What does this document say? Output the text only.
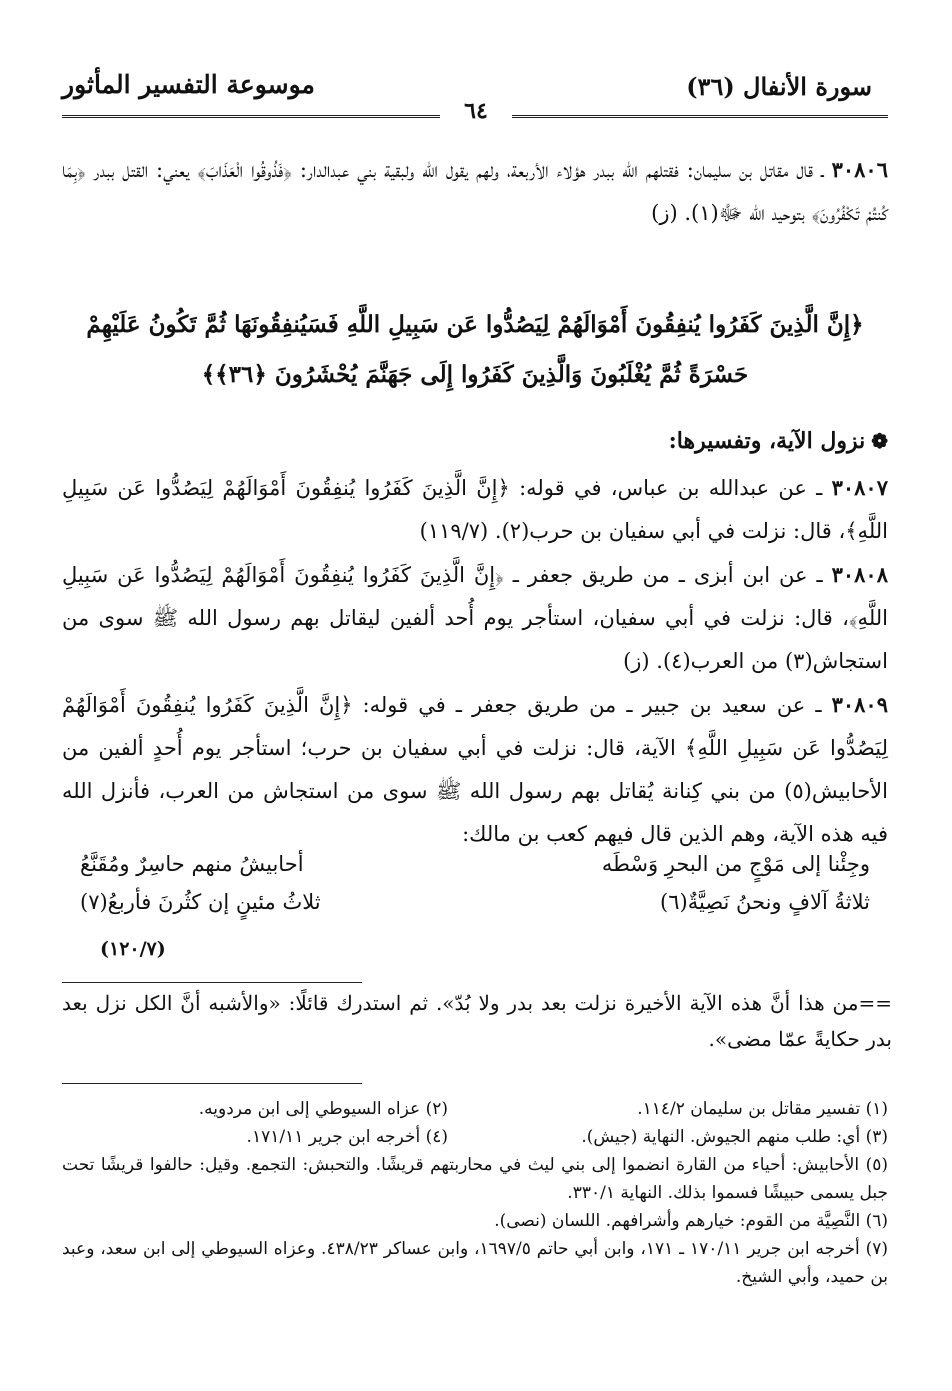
موسوعة التفسير المأثور	سورة الأنفال (٣٦)
٦٤

٣٠٨٠٦ ـ قال مقاتل بن سليمان: فقتلهم الله ببدر هؤلاء الأربعة، ولهم يقول الله ولبقية بني عبدالدار: ﴿فَذُوقُوا الْعَذَابَ﴾ يعني: القتل ببدر ﴿بِمَا كُنتُمْ تَكْفُرُونَ﴾ بتوحيد الله ﷻ(١). (ز)

﴿إِنَّ الَّذِينَ كَفَرُوا يُنفِقُونَ أَمْوَالَهُمْ لِيَصُدُّوا عَن سَبِيلِ اللَّهِ فَسَيُنفِقُونَهَا ثُمَّ تَكُونُ عَلَيْهِمْ حَسْرَةً ثُمَّ يُغْلَبُونَ وَالَّذِينَ كَفَرُوا إِلَى جَهَنَّمَ يُحْشَرُونَ ﴿٣٦﴾﴾
❁نزول الآية، وتفسيرها:

٣٠٨٠٧ ـ عن عبدالله بن عباس، في قوله: ﴿إِنَّ الَّذِينَ كَفَرُوا يُنفِقُونَ أَمْوَالَهُمْ لِيَصُدُّوا عَن سَبِيلِ اللَّهِ﴾، قال: نزلت في أبي سفيان بن حرب(٢). (١١٩/٧)

٣٠٨٠٨ ـ عن ابن أبزى ـ من طريق جعفر ـ ﴿إِنَّ الَّذِينَ كَفَرُوا يُنفِقُونَ أَمْوَالَهُمْ لِيَصُدُّوا عَن سَبِيلِ اللَّهِ﴾، قال: نزلت في أبي سفيان، استأجر يوم أُحد ألفين ليقاتل بهم رسول الله ﷺ سوى من استجاش(٣) من العرب(٤). (ز)

٣٠٨٠٩ ـ عن سعيد بن جبير ـ من طريق جعفر ـ في قوله: ﴿إِنَّ الَّذِينَ كَفَرُوا يُنفِقُونَ أَمْوَالَهُمْ لِيَصُدُّوا عَن سَبِيلِ اللَّهِ﴾ الآية، قال: نزلت في أبي سفيان بن حرب؛ استأجر يوم أُحدٍ ألفين من الأحابيش(٥) من بني كِنانة يُقاتل بهم رسول الله ﷺ سوى من استجاش من العرب، فأنزل الله فيه هذه الآية، وهم الذين قال فيهم كعب بن مالك:

وجِئْنا إلى مَوْجٍ من البحرِ وَسْطَه
أحابيشُ منهم حاسِرٌ ومُقَنَّعُ
ثلاثةُ آلافٍ ونحنُ نَصِيَّةٌ(٦)
ثلاثُ مئينٍ إن كثُرنَ فأربعُ(٧)
(١٢٠/٧)
==من هذا أنَّ هذه الآية الأخيرة نزلت بعد بدر ولا بُدّ». ثم استدرك قائلًا: «والأشبه أنَّ الكل نزل بعد بدر حكايةً عمّا مضى».
(١) تفسير مقاتل بن سليمان ١١٤/٢.
(٢) عزاه السيوطي إلى ابن مردويه.
(٣) أي: طلب منهم الجيوش. النهاية (جيش).
(٤) أخرجه ابن جرير ١٧١/١١.
(٥) الأحابيش: أحياء من القارة انضموا إلى بني ليث في محاربتهم قريشًا. والتحبش: التجمع. وقيل: حالفوا قريشًا تحت جبل يسمى حبيشًا فسموا بذلك. النهاية ٣٣٠/١.
(٦) النَّصِيَّة من القوم: خيارهم وأشرافهم. اللسان (نصى).
(٧) أخرجه ابن جرير ١٧٠/١١ ـ ١٧١، وابن أبي حاتم ١٦٩٧/٥، وابن عساكر ٤٣٨/٢٣. وعزاه السيوطي إلى ابن سعد، وعبد بن حميد، وأبي الشيخ.
